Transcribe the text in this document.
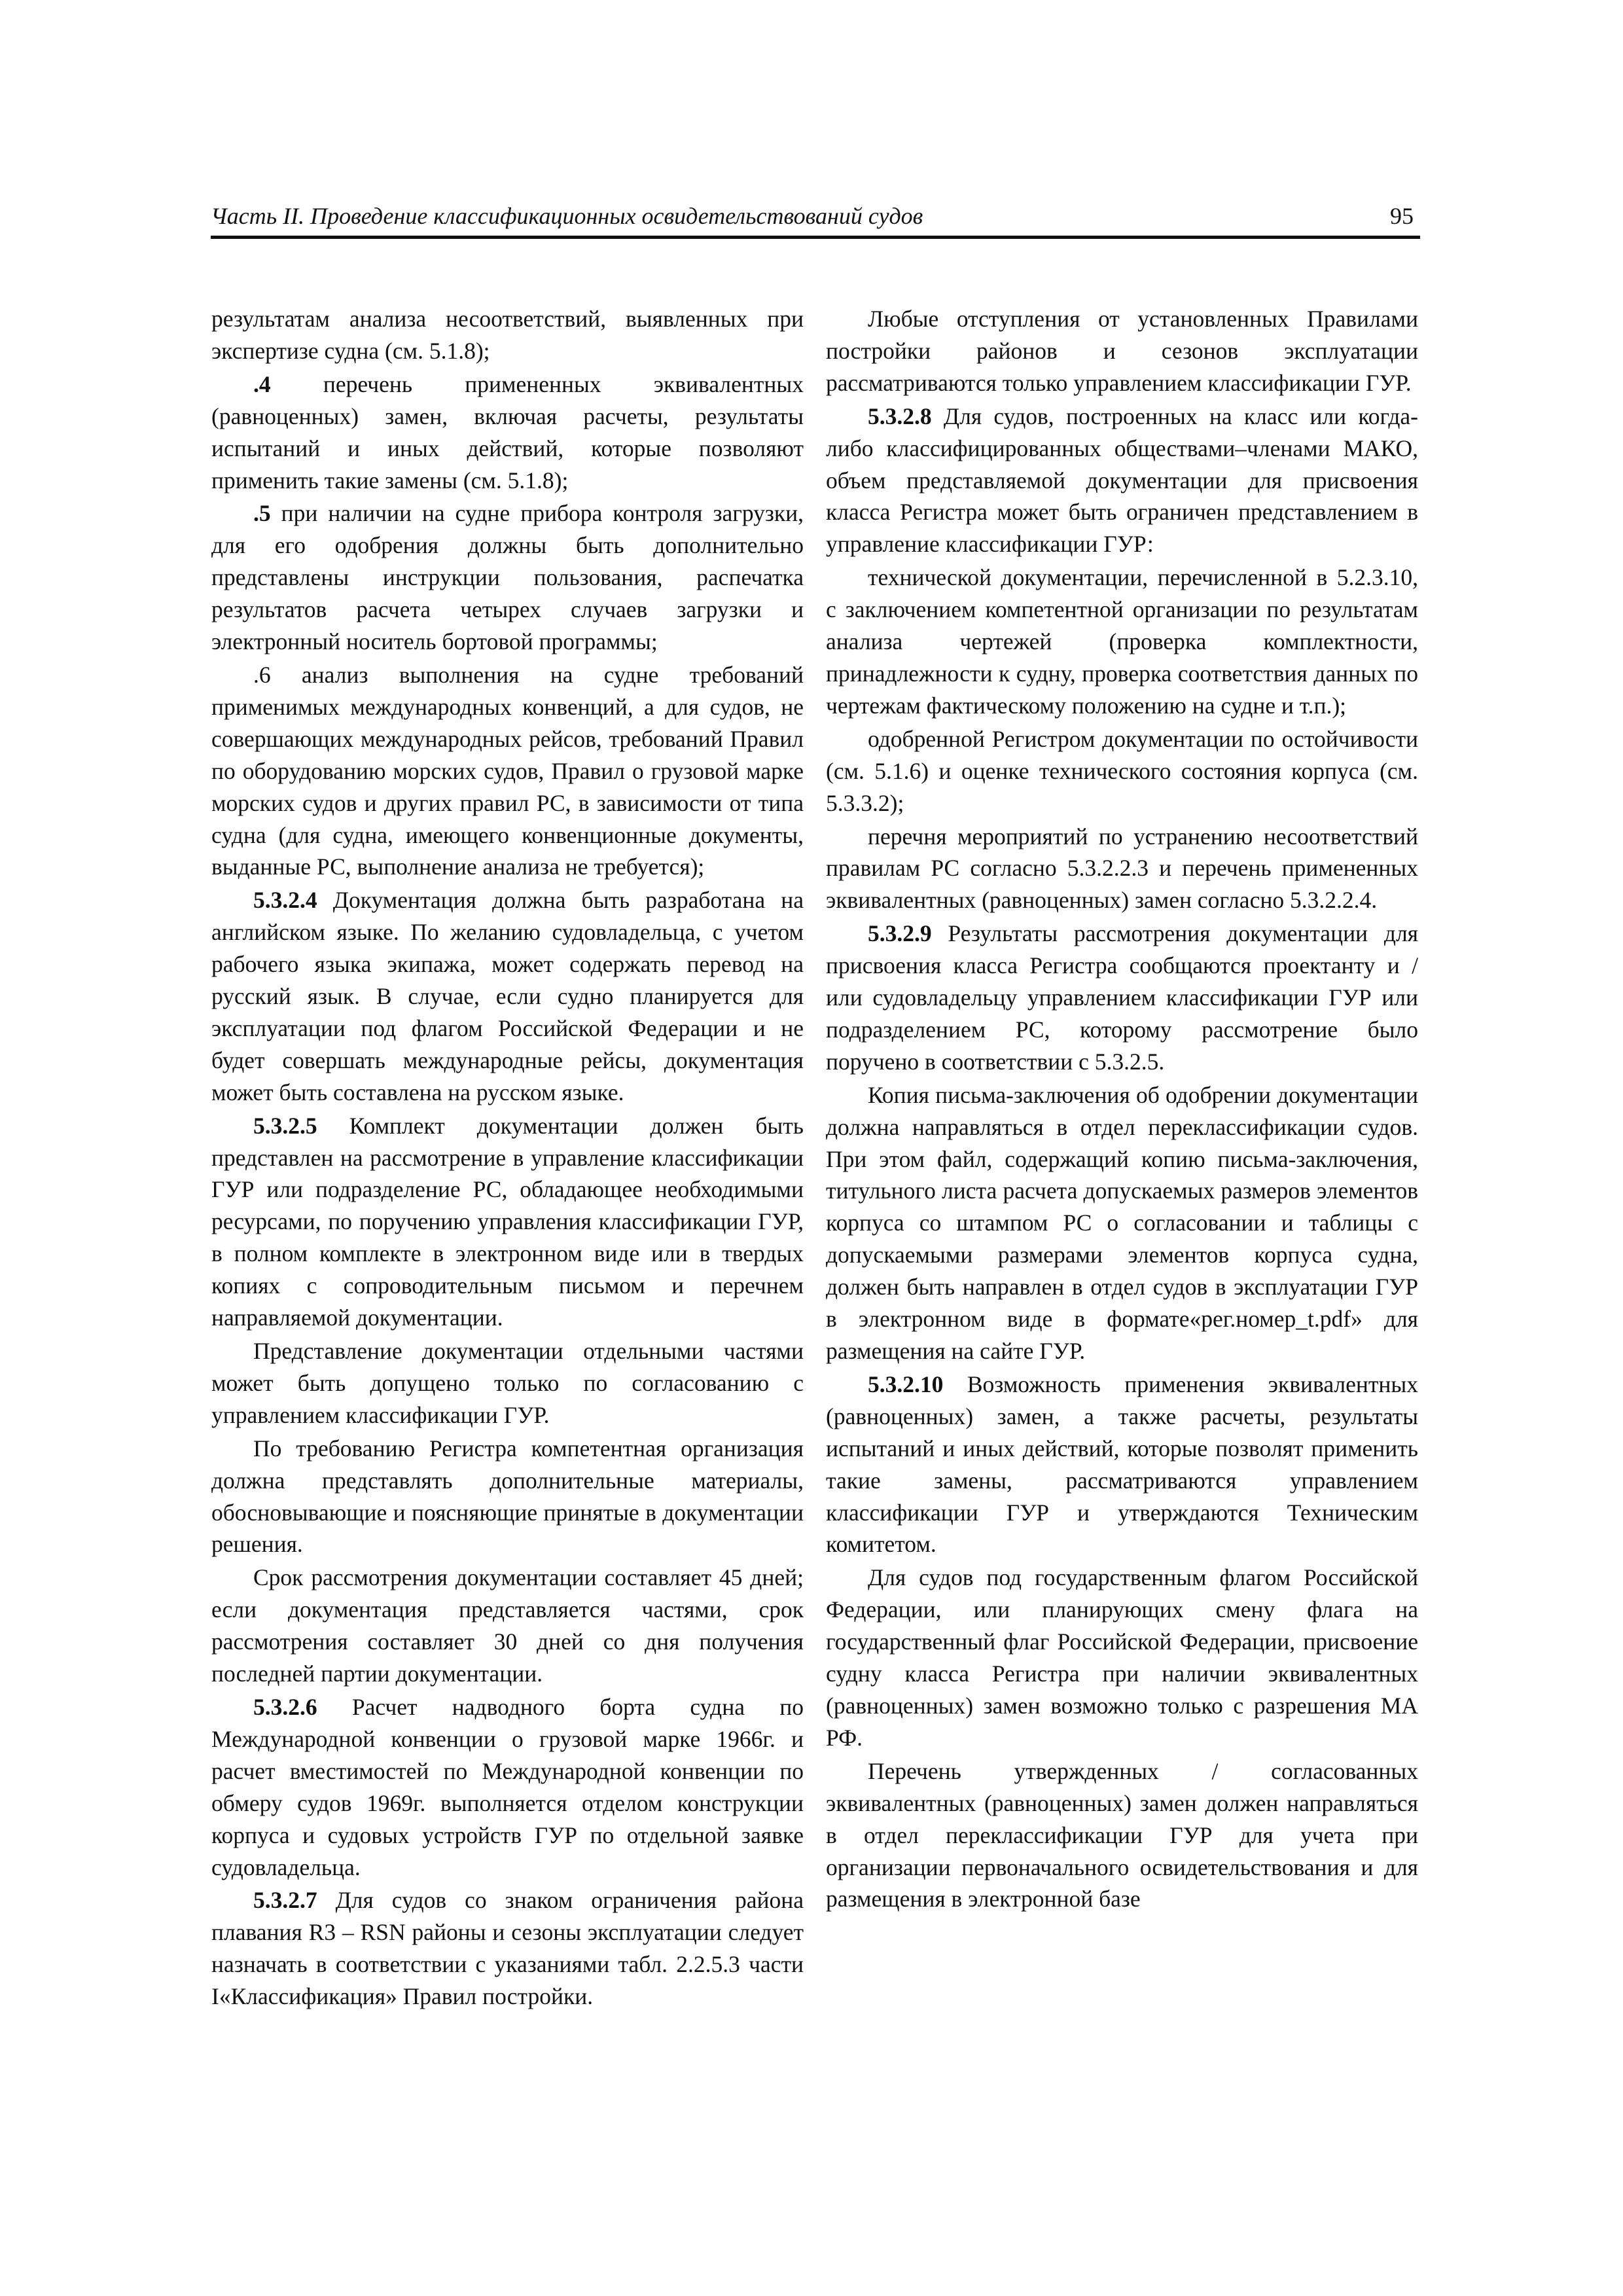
Часть II. Проведение классификационных освидетельствований судов	95

результатам анализа несоответствий, выявленных при экспертизе судна (см. 5.1.8);

.4 перечень примененных эквивалентных (равноценных) замен, включая расчеты, результаты испытаний и иных действий, которые позволяют применить такие замены (см. 5.1.8);

.5 при наличии на судне прибора контроля загрузки, для его одобрения должны быть дополнительно представлены инструкции пользования, распечатка результатов расчета четырех случаев загрузки и электронный носитель бортовой программы;

.6 анализ выполнения на судне требований применимых международных конвенций, а для судов, не совершающих международных рейсов, требований Правил по оборудованию морских судов, Правил о грузовой марке морских судов и других правил РС, в зависимости от типа судна (для судна, имеющего конвенционные документы, выданные РС, выполнение анализа не требуется);

5.3.2.4 Документация должна быть разработана на английском языке. По желанию судовладельца, с учетом рабочего языка экипажа, может содержать перевод на русский язык. В случае, если судно планируется для эксплуатации под флагом Российской Федерации и не будет совершать международные рейсы, документация может быть составлена на русском языке.

5.3.2.5 Комплект документации должен быть представлен на рассмотрение в управление классификации ГУР или подразделение РС, обладающее необходимыми ресурсами, по поручению управления классификации ГУР, в полном комплекте в электронном виде или в твердых копиях с сопроводительным письмом и перечнем направляемой документации.

Представление документации отдельными частями может быть допущено только по согласованию с управлением классификации ГУР.

По требованию Регистра компетентная организация должна представлять дополнительные материалы, обосновывающие и поясняющие принятые в документации решения.

Срок рассмотрения документации составляет 45 дней; если документация представляется частями, срок рассмотрения составляет 30 дней со дня получения последней партии документации.

5.3.2.6 Расчет надводного борта судна по Международной конвенции о грузовой марке 1966г. и расчет вместимостей по Международной конвенции по обмеру судов 1969г. выполняется отделом конструкции корпуса и судовых устройств ГУР по отдельной заявке судовладельца.

5.3.2.7 Для судов со знаком ограничения района плавания R3 – RSN районы и сезоны эксплуатации следует назначать в соответствии с указаниями табл. 2.2.5.3 части I«Классификация» Правил постройки.

Любые отступления от установленных Правилами постройки районов и сезонов эксплуатации рассматриваются только управлением классификации ГУР.

5.3.2.8 Для судов, построенных на класс или когда-либо классифицированных обществами–членами МАКО, объем представляемой документации для присвоения класса Регистра может быть ограничен представлением в управление классификации ГУР:

технической документации, перечисленной в 5.2.3.10, с заключением компетентной организации по результатам анализа чертежей (проверка комплектности, принадлежности к судну, проверка соответствия данных по чертежам фактическому положению на судне и т.п.);

одобренной Регистром документации по остойчивости (см. 5.1.6) и оценке технического состояния корпуса (см. 5.3.3.2);

перечня мероприятий по устранению несоответствий правилам РС согласно 5.3.2.2.3 и перечень примененных эквивалентных (равноценных) замен согласно 5.3.2.2.4.

5.3.2.9 Результаты рассмотрения документации для присвоения класса Регистра сообщаются проектанту и / или судовладельцу управлением классификации ГУР или подразделением РС, которому рассмотрение было поручено в соответствии с 5.3.2.5.

Копия письма-заключения об одобрении документации должна направляться в отдел переклассификации судов. При этом файл, содержащий копию письма-заключения, титульного листа расчета допускаемых размеров элементов корпуса со штампом РС о согласовании и таблицы с допускаемыми размерами элементов корпуса судна, должен быть направлен в отдел судов в эксплуатации ГУР в электронном виде в формате«рег.номер_t.pdf» для размещения на сайте ГУР.

5.3.2.10 Возможность применения эквивалентных (равноценных) замен, а также расчеты, результаты испытаний и иных действий, которые позволят применить такие замены, рассматриваются управлением классификации ГУР и утверждаются Техническим комитетом.

Для судов под государственным флагом Российской Федерации, или планирующих смену флага на государственный флаг Российской Федерации, присвоение судну класса Регистра при наличии эквивалентных (равноценных) замен возможно только с разрешения МА РФ.

Перечень утвержденных / согласованных эквивалентных (равноценных) замен должен направляться в отдел переклассификации ГУР для учета при организации первоначального освидетельствования и для размещения в электронной базе
